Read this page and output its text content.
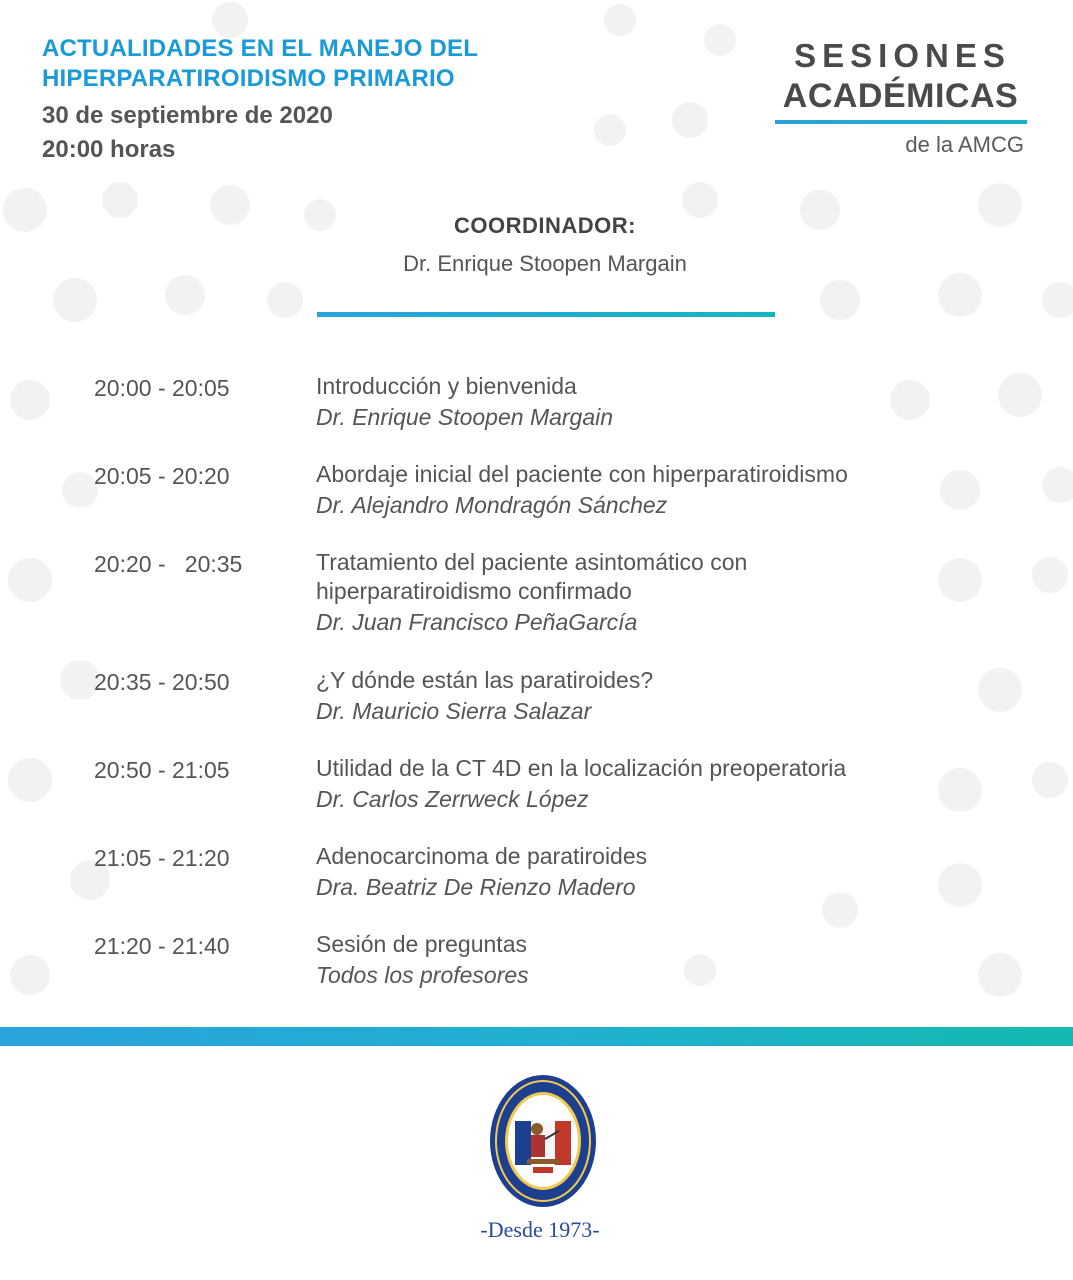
ACTUALIDADES EN EL MANEJO DEL
HIPERPARATIROIDISMO PRIMARIO
30 de septiembre de 2020
20:00 horas
SESIONES
ACADÉMICAS
de la AMCG
COORDINADOR:
Dr. Enrique Stoopen Margain
20:00 - 20:05	Introducción y bienvenida
Dr. Enrique Stoopen Margain
20:05 - 20:20	Abordaje inicial del paciente con hiperparatiroidismo
Dr. Alejandro Mondragón Sánchez
20:20 -   20:35	Tratamiento del paciente asintomático con
hiperparatiroidismo confirmado
Dr. Juan Francisco PeñaGarcía
20:35 - 20:50	¿Y dónde están las paratiroides?
Dr. Mauricio Sierra Salazar
20:50 - 21:05	Utilidad de la CT 4D en la localización preoperatoria
Dr. Carlos Zerrweck López
21:05 - 21:20	Adenocarcinoma de paratiroides
Dra. Beatriz De Rienzo Madero
21:20 - 21:40	Sesión de preguntas
Todos los profesores
-Desde 1973-
